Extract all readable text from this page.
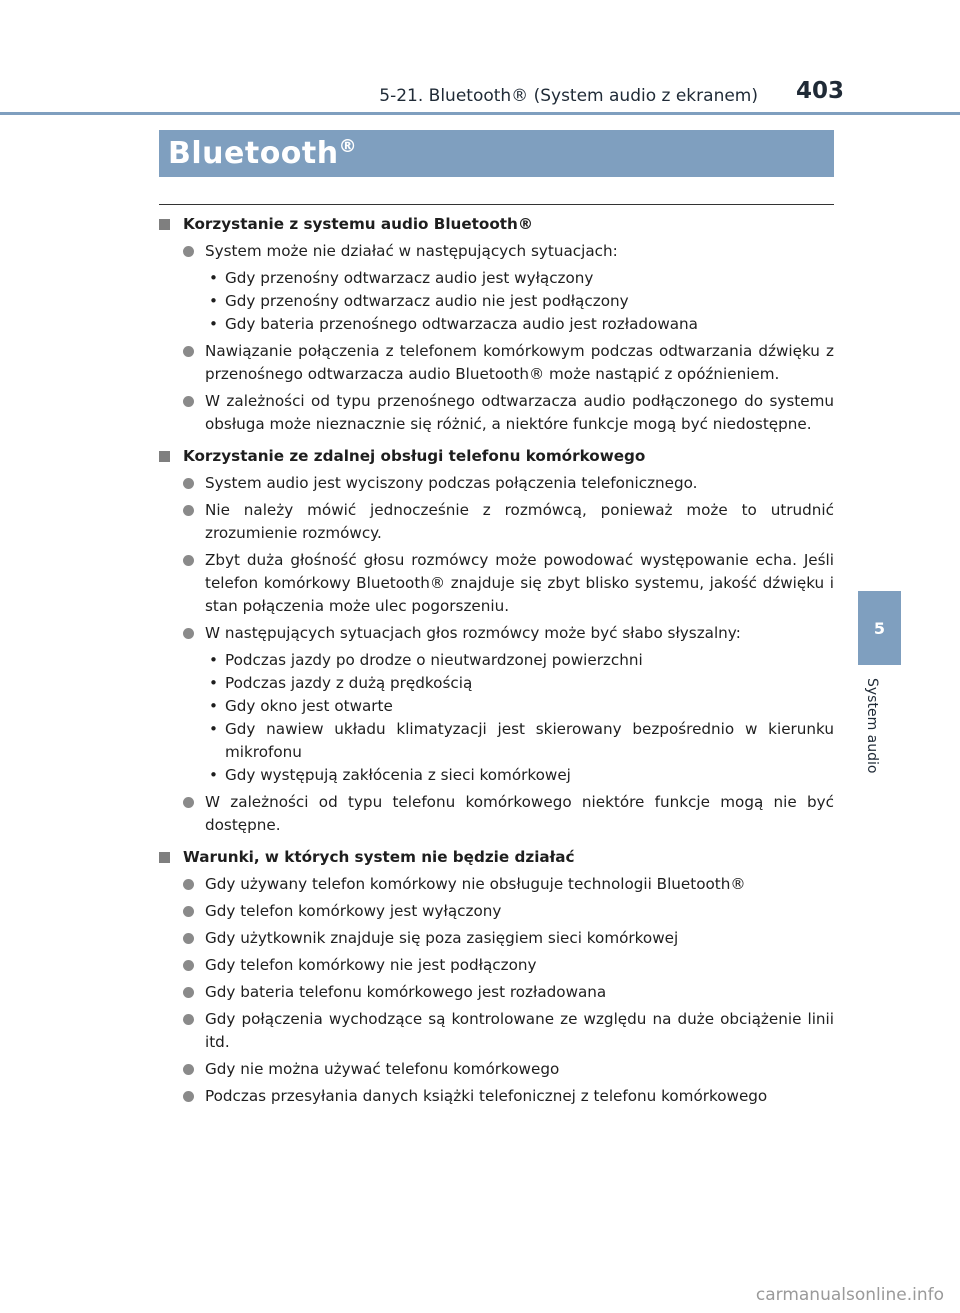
5-21. Bluetooth® (System audio z ekranem) 403
Bluetooth®
5
System audio
Korzystanie z systemu audio Bluetooth®
System może nie działać w następujących sytuacjach:
• Gdy przenośny odtwarzacz audio jest wyłączony
• Gdy przenośny odtwarzacz audio nie jest podłączony
• Gdy bateria przenośnego odtwarzacza audio jest rozładowana
Nawiązanie połączenia z telefonem komórkowym podczas odtwarzania dźwięku z przenośnego odtwarzacza audio Bluetooth® może nastąpić z opóźnieniem.
W zależności od typu przenośnego odtwarzacza audio podłączonego do systemu obsługa może nieznacznie się różnić, a niektóre funkcje mogą być niedostępne.
Korzystanie ze zdalnej obsługi telefonu komórkowego
System audio jest wyciszony podczas połączenia telefonicznego.
Nie należy mówić jednocześnie z rozmówcą, ponieważ może to utrudnić zrozumienie rozmówcy.
Zbyt duża głośność głosu rozmówcy może powodować występowanie echa. Jeśli telefon komórkowy Bluetooth® znajduje się zbyt blisko systemu, jakość dźwięku i stan połączenia może ulec pogorszeniu.
W następujących sytuacjach głos rozmówcy może być słabo słyszalny:
• Podczas jazdy po drodze o nieutwardzonej powierzchni
• Podczas jazdy z dużą prędkością
• Gdy okno jest otwarte
• Gdy nawiew układu klimatyzacji jest skierowany bezpośrednio w kierunku mikrofonu
• Gdy występują zakłócenia z sieci komórkowej
W zależności od typu telefonu komórkowego niektóre funkcje mogą nie być dostępne.
Warunki, w których system nie będzie działać
Gdy używany telefon komórkowy nie obsługuje technologii Bluetooth®
Gdy telefon komórkowy jest wyłączony
Gdy użytkownik znajduje się poza zasięgiem sieci komórkowej
Gdy telefon komórkowy nie jest podłączony
Gdy bateria telefonu komórkowego jest rozładowana
Gdy połączenia wychodzące są kontrolowane ze względu na duże obciążenie linii itd.
Gdy nie można używać telefonu komórkowego
Podczas przesyłania danych książki telefonicznej z telefonu komórkowego
carmanualsonline.info
